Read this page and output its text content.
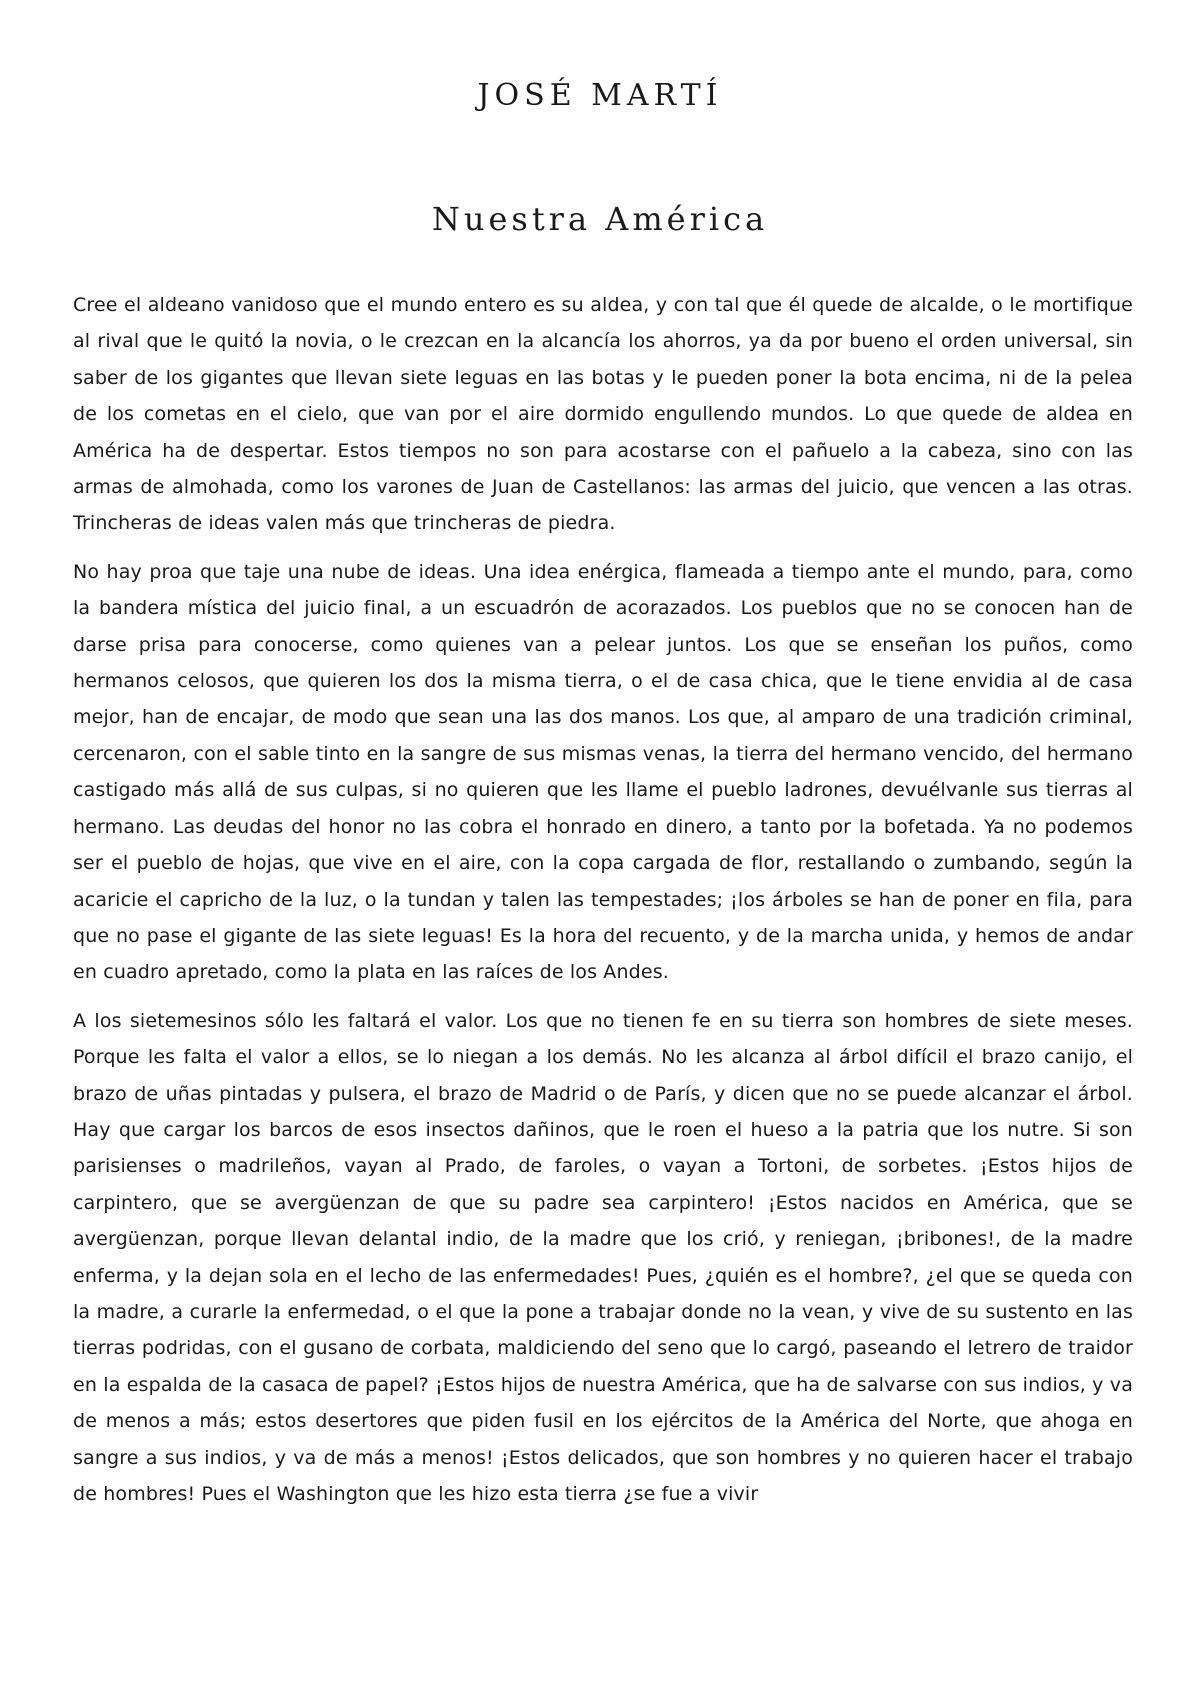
JOSÉ MARTÍ
Nuestra América

Cree el aldeano vanidoso que el mundo entero es su aldea, y con tal que él quede de alcalde, o le mortifique al rival que le quitó la novia, o le crezcan en la alcancía los ahorros, ya da por bueno el orden universal, sin saber de los gigantes que llevan siete leguas en las botas y le pueden poner la bota encima, ni de la pelea de los cometas en el cielo, que van por el aire dormido engullendo mundos. Lo que quede de aldea en América ha de despertar. Estos tiempos no son para acostarse con el pañuelo a la cabeza, sino con las armas de almohada, como los varones de Juan de Castellanos: las armas del juicio, que vencen a las otras. Trincheras de ideas valen más que trincheras de piedra.

No hay proa que taje una nube de ideas. Una idea enérgica, flameada a tiempo ante el mundo, para, como la bandera mística del juicio final, a un escuadrón de acorazados. Los pueblos que no se conocen han de darse prisa para conocerse, como quienes van a pelear juntos. Los que se enseñan los puños, como hermanos celosos, que quieren los dos la misma tierra, o el de casa chica, que le tiene envidia al de casa mejor, han de encajar, de modo que sean una las dos manos. Los que, al amparo de una tradición criminal, cercenaron, con el sable tinto en la sangre de sus mismas venas, la tierra del hermano vencido, del hermano castigado más allá de sus culpas, si no quieren que les llame el pueblo ladrones, devuélvanle sus tierras al hermano. Las deudas del honor no las cobra el honrado en dinero, a tanto por la bofetada. Ya no podemos ser el pueblo de hojas, que vive en el aire, con la copa cargada de flor, restallando o zumbando, según la acaricie el capricho de la luz, o la tundan y talen las tempestades; ¡los árboles se han de poner en fila, para que no pase el gigante de las siete leguas! Es la hora del recuento, y de la marcha unida, y hemos de andar en cuadro apretado, como la plata en las raíces de los Andes.

A los sietemesinos sólo les faltará el valor. Los que no tienen fe en su tierra son hombres de siete meses. Porque les falta el valor a ellos, se lo niegan a los demás. No les alcanza al árbol difícil el brazo canijo, el brazo de uñas pintadas y pulsera, el brazo de Madrid o de París, y dicen que no se puede alcanzar el árbol. Hay que cargar los barcos de esos insectos dañinos, que le roen el hueso a la patria que los nutre. Si son parisienses o madrileños, vayan al Prado, de faroles, o vayan a Tortoni, de sorbetes. ¡Estos hijos de carpintero, que se avergüenzan de que su padre sea carpintero! ¡Estos nacidos en América, que se avergüenzan, porque llevan delantal indio, de la madre que los crió, y reniegan, ¡bribones!, de la madre enferma, y la dejan sola en el lecho de las enfermedades! Pues, ¿quién es el hombre?, ¿el que se queda con la madre, a curarle la enfermedad, o el que la pone a trabajar donde no la vean, y vive de su sustento en las tierras podridas, con el gusano de corbata, maldiciendo del seno que lo cargó, paseando el letrero de traidor en la espalda de la casaca de papel? ¡Estos hijos de nuestra América, que ha de salvarse con sus indios, y va de menos a más; estos desertores que piden fusil en los ejércitos de la América del Norte, que ahoga en sangre a sus indios, y va de más a menos! ¡Estos delicados, que son hombres y no quieren hacer el trabajo de hombres! Pues el Washington que les hizo esta tierra ¿se fue a vivir
